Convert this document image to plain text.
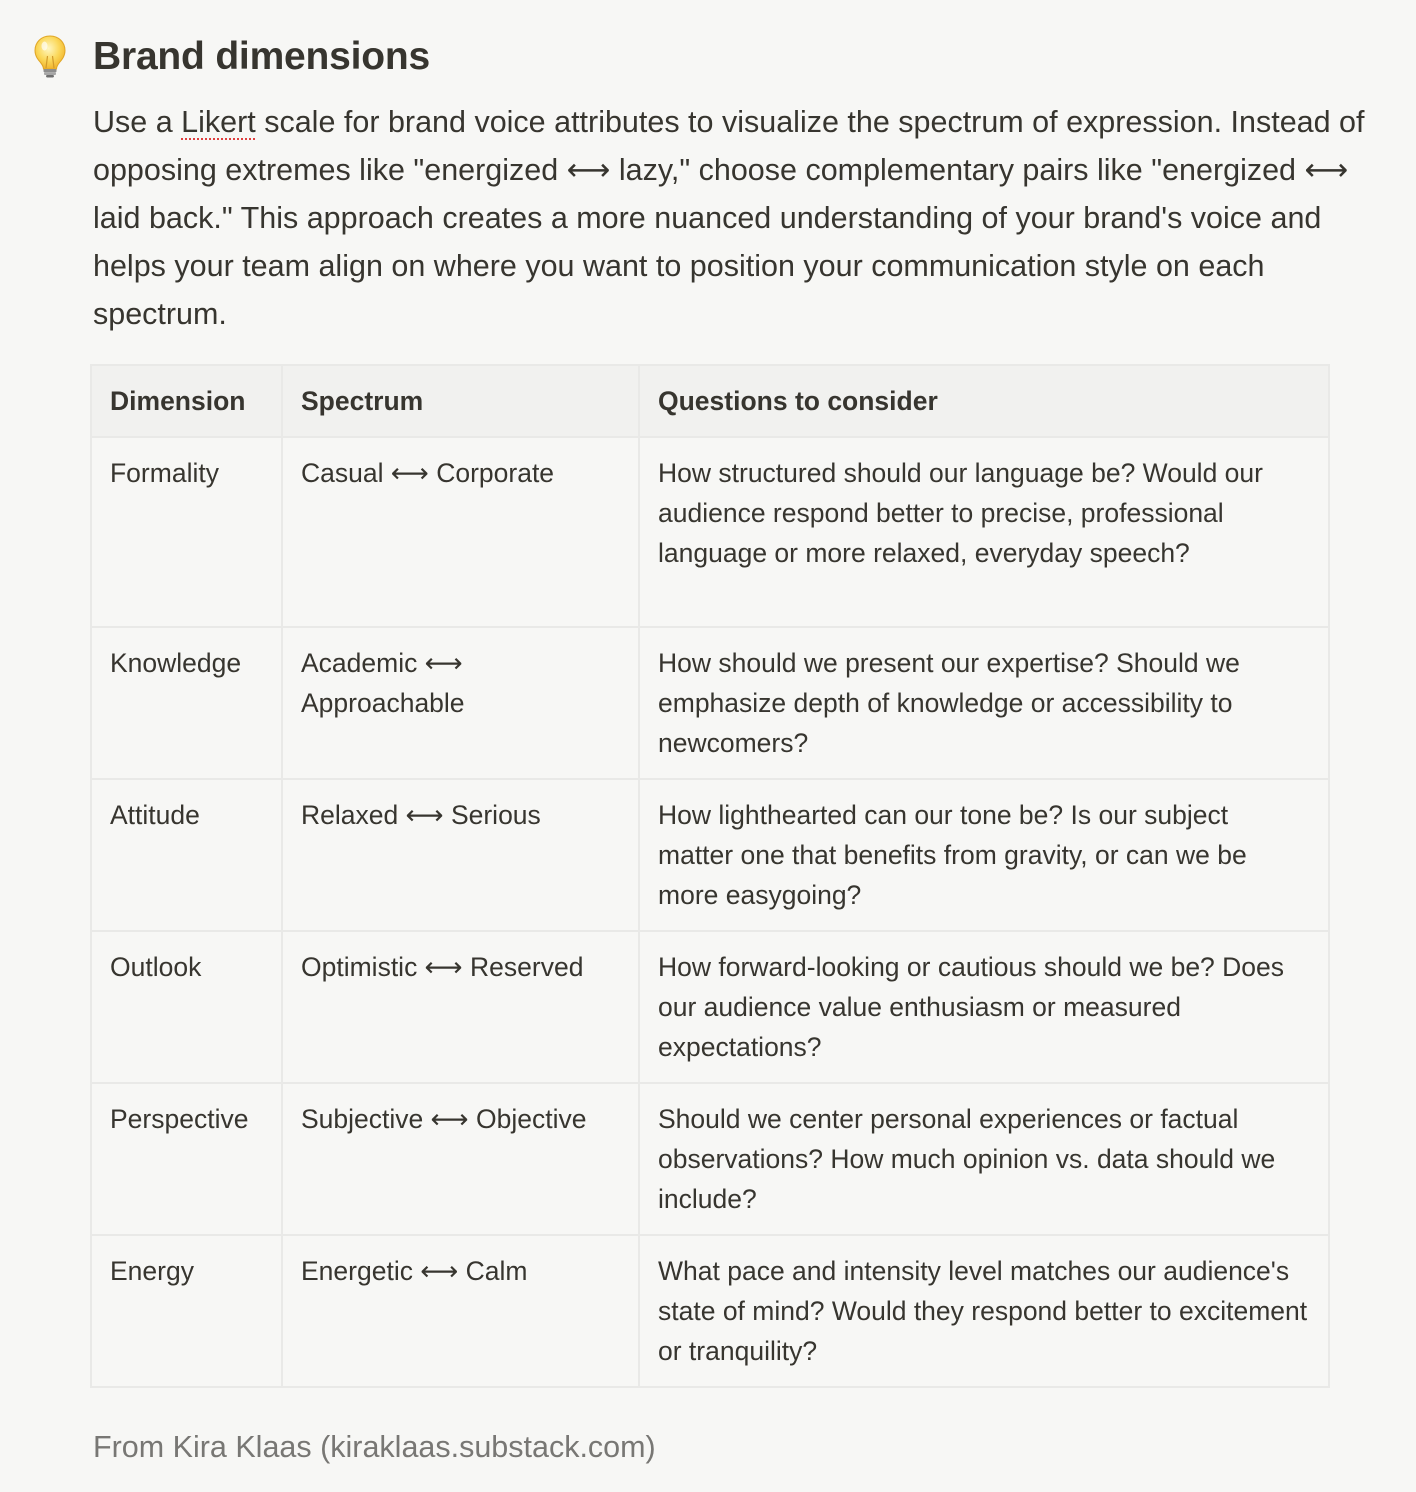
Brand dimensions

Use a Likert scale for brand voice attributes to visualize the spectrum of expression. Instead of opposing extremes like "energized ⟷ lazy," choose complementary pairs like "energized ⟷ laid back." This approach creates a more nuanced understanding of your brand's voice and helps your team align on where you want to position your communication style on each spectrum.

Dimension	Spectrum	Questions to consider
Formality	Casual ⟷ Corporate	How structured should our language be? Would our audience respond better to precise, professional language or more relaxed, everyday speech?
Knowledge	Academic ⟷ Approachable	How should we present our expertise? Should we emphasize depth of knowledge or accessibility to newcomers?
Attitude	Relaxed ⟷ Serious	How lighthearted can our tone be? Is our subject matter one that benefits from gravity, or can we be more easygoing?
Outlook	Optimistic ⟷ Reserved	How forward-looking or cautious should we be? Does our audience value enthusiasm or measured expectations?
Perspective	Subjective ⟷ Objective	Should we center personal experiences or factual observations? How much opinion vs. data should we include?
Energy	Energetic ⟷ Calm	What pace and intensity level matches our audience's state of mind? Would they respond better to excitement or tranquility?

From Kira Klaas (kiraklaas.substack.com)
